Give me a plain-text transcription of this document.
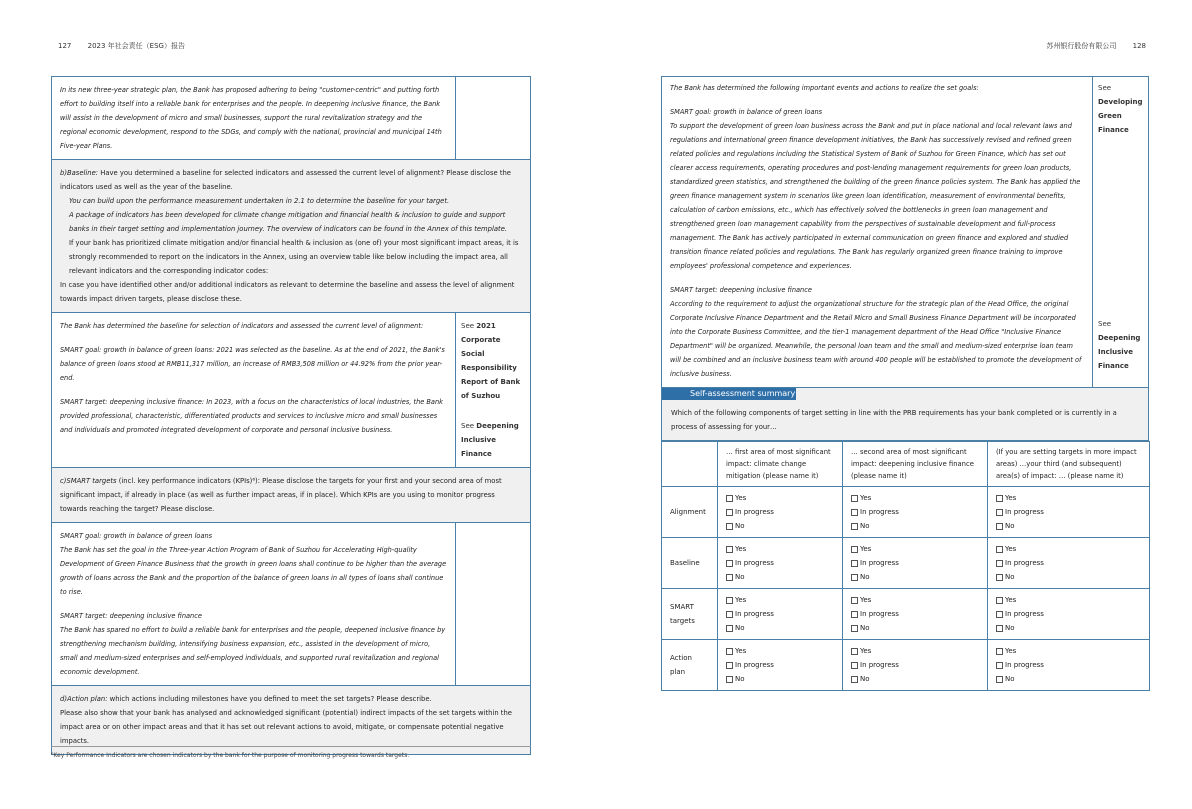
127 2023 年社会责任（ESG）报告	苏州银行股份有限公司 128
In its new three-year strategic plan, the Bank has proposed adhering to being "customer-centric" and putting forth effort to building itself into a reliable bank for enterprises and the people. In deepening inclusive finance, the Bank will assist in the development of micro and small businesses, support the rural revitalization strategy and the regional economic development, respond to the SDGs, and comply with the national, provincial and municipal 14th Five-year Plans.
b)Baseline: Have you determined a baseline for selected indicators and assessed the current level of alignment? Please disclose the indicators used as well as the year of the baseline.
You can build upon the performance measurement undertaken in 2.1 to determine the baseline for your target.
A package of indicators has been developed for climate change mitigation and financial health & inclusion to guide and support banks in their target setting and implementation journey. The overview of indicators can be found in the Annex of this template.
If your bank has prioritized climate mitigation and/or financial health & inclusion as (one of) your most significant impact areas, it is strongly recommended to report on the indicators in the Annex, using an overview table like below including the impact area, all relevant indicators and the corresponding indicator codes:
In case you have identified other and/or additional indicators as relevant to determine the baseline and assess the level of alignment towards impact driven targets, please disclose these.
The Bank has determined the baseline for selection of indicators and assessed the current level of alignment:
SMART goal: growth in balance of green loans: 2021 was selected as the baseline. As at the end of 2021, the Bank's balance of green loans stood at RMB11,317 million, an increase of RMB3,508 million or 44.92% from the prior year-end.
SMART target: deepening inclusive finance: In 2023, with a focus on the characteristics of local industries, the Bank provided professional, characteristic, differentiated products and services to inclusive micro and small businesses and individuals and promoted integrated development of corporate and personal inclusive business.
See 2021 Corporate Social Responsibility Report of Bank of Suzhou
See Deepening Inclusive Finance
c)SMART targets (incl. key performance indicators (KPIs)⁶): Please disclose the targets for your first and your second area of most significant impact, if already in place (as well as further impact areas, if in place). Which KPIs are you using to monitor progress towards reaching the target? Please disclose.
SMART goal: growth in balance of green loans
The Bank has set the goal in the Three-year Action Program of Bank of Suzhou for Accelerating High-quality Development of Green Finance Business that the growth in green loans shall continue to be higher than the average growth of loans across the Bank and the proportion of the balance of green loans in all types of loans shall continue to rise.
SMART target: deepening inclusive finance
The Bank has spared no effort to build a reliable bank for enterprises and the people, deepened inclusive finance by strengthening mechanism building, intensifying business expansion, etc., assisted in the development of micro, small and medium-sized enterprises and self-employed individuals, and supported rural revitalization and regional economic development.
d)Action plan: which actions including milestones have you defined to meet the set targets? Please describe.
Please also show that your bank has analysed and acknowledged significant (potential) indirect impacts of the set targets within the impact area or on other impact areas and that it has set out relevant actions to avoid, mitigate, or compensate potential negative impacts.
⁶Key Performance Indicators are chosen indicators by the bank for the purpose of monitoring progress towards targets.
The Bank has determined the following important events and actions to realize the set goals:
SMART goal: growth in balance of green loans
To support the development of green loan business across the Bank and put in place national and local relevant laws and regulations and international green finance development initiatives, the Bank has successively revised and refined green related policies and regulations including the Statistical System of Bank of Suzhou for Green Finance, which has set out clearer access requirements, operating procedures and post-lending management requirements for green loan products, standardized green statistics, and strengthened the building of the green finance policies system. The Bank has applied the green finance management system in scenarios like green loan identification, measurement of environmental benefits, calculation of carbon emissions, etc., which has effectively solved the bottlenecks in green loan management and strengthened green loan management capability from the perspectives of sustainable development and full-process management. The Bank has actively participated in external communication on green finance and explored and studied transition finance related policies and regulations. The Bank has regularly organized green finance training to improve employees' professional competence and experiences.
SMART target: deepening inclusive finance
According to the requirement to adjust the organizational structure for the strategic plan of the Head Office, the original Corporate Inclusive Finance Department and the Retail Micro and Small Business Finance Department will be incorporated into the Corporate Business Committee, and the tier-1 management department of the Head Office "Inclusive Finance Department" will be organized. Meanwhile, the personal loan team and the small and medium-sized enterprise loan team will be combined and an inclusive business team with around 400 people will be established to promote the development of inclusive business.
See Developing Green Finance
See Deepening Inclusive Finance
Self-assessment summary
Which of the following components of target setting in line with the PRB requirements has your bank completed or is currently in a process of assessing for your…
	… first area of most significant impact: climate change mitigation (please name it)	… second area of most significant impact: deepening inclusive finance (please name it)	(If you are setting targets in more impact areas) …your third (and subsequent) area(s) of impact: … (please name it)
Alignment	Yes
In progress
No	Yes
In progress
No	Yes
In progress
No

Baseline	Yes
In progress
No	Yes
In progress
No	Yes
In progress
No

SMART targets	Yes
In progress
No	Yes
In progress
No	Yes
In progress
No

Action plan	Yes
In progress
No	Yes
In progress
No	Yes
In progress
No
